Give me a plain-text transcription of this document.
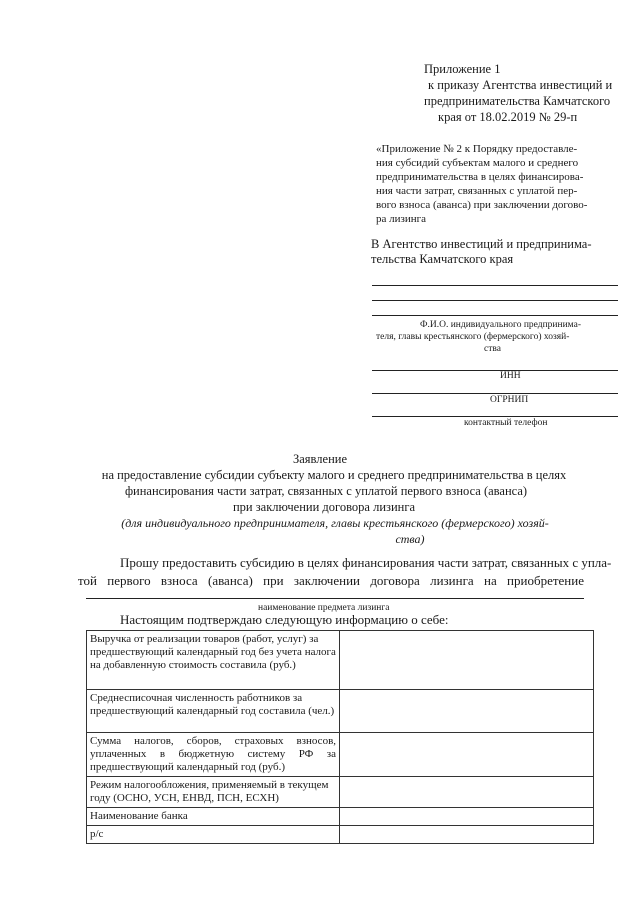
Приложение 1
к приказу Агентства инвестиций и
предпринимательства Камчатского
края от 18.02.2019 № 29-п
«Приложение № 2 к Порядку предоставле-
ния субсидий субъектам малого и среднего
предпринимательства в целях финансирова-
ния части затрат, связанных с уплатой пер-
вого взноса (аванса) при заключении догово-
ра лизинга
В Агентство инвестиций и предпринима-
тельства Камчатского края
Ф.И.О. индивидуального предпринима-
теля, главы крестьянского (фермерского) хозяй-
ства
ИНН
ОГРНИП
контактный телефон
Заявление
на предоставление субсидии субъекту малого и среднего предпринимательства в целях
финансирования части затрат, связанных с уплатой первого взноса (аванса)
при заключении договора лизинга
(для индивидуального предпринимателя, главы крестьянского (фермерского) хозяй-
ства)
Прошу предоставить субсидию в целях финансирования части затрат, связанных с упла-
той первого взноса (аванса) при заключении договора лизинга на приобретение
наименование предмета лизинга
Настоящим подтверждаю следующую информацию о себе:
Выручка от реализации товаров (работ, услуг) за предшествующий календарный год без учета налога на добавленную стоимость составила (руб.)	
Среднесписочная численность работников за предшествующий календарный год составила (чел.)	
Сумма налогов, сборов, страховых взносов, уплаченных в бюджетную систему РФ за предшествующий календарный год (руб.)	
Режим налогообложения, применяемый в текущем году (ОСНО, УСН, ЕНВД, ПСН, ЕСХН)	
Наименование банка	
р/с	
